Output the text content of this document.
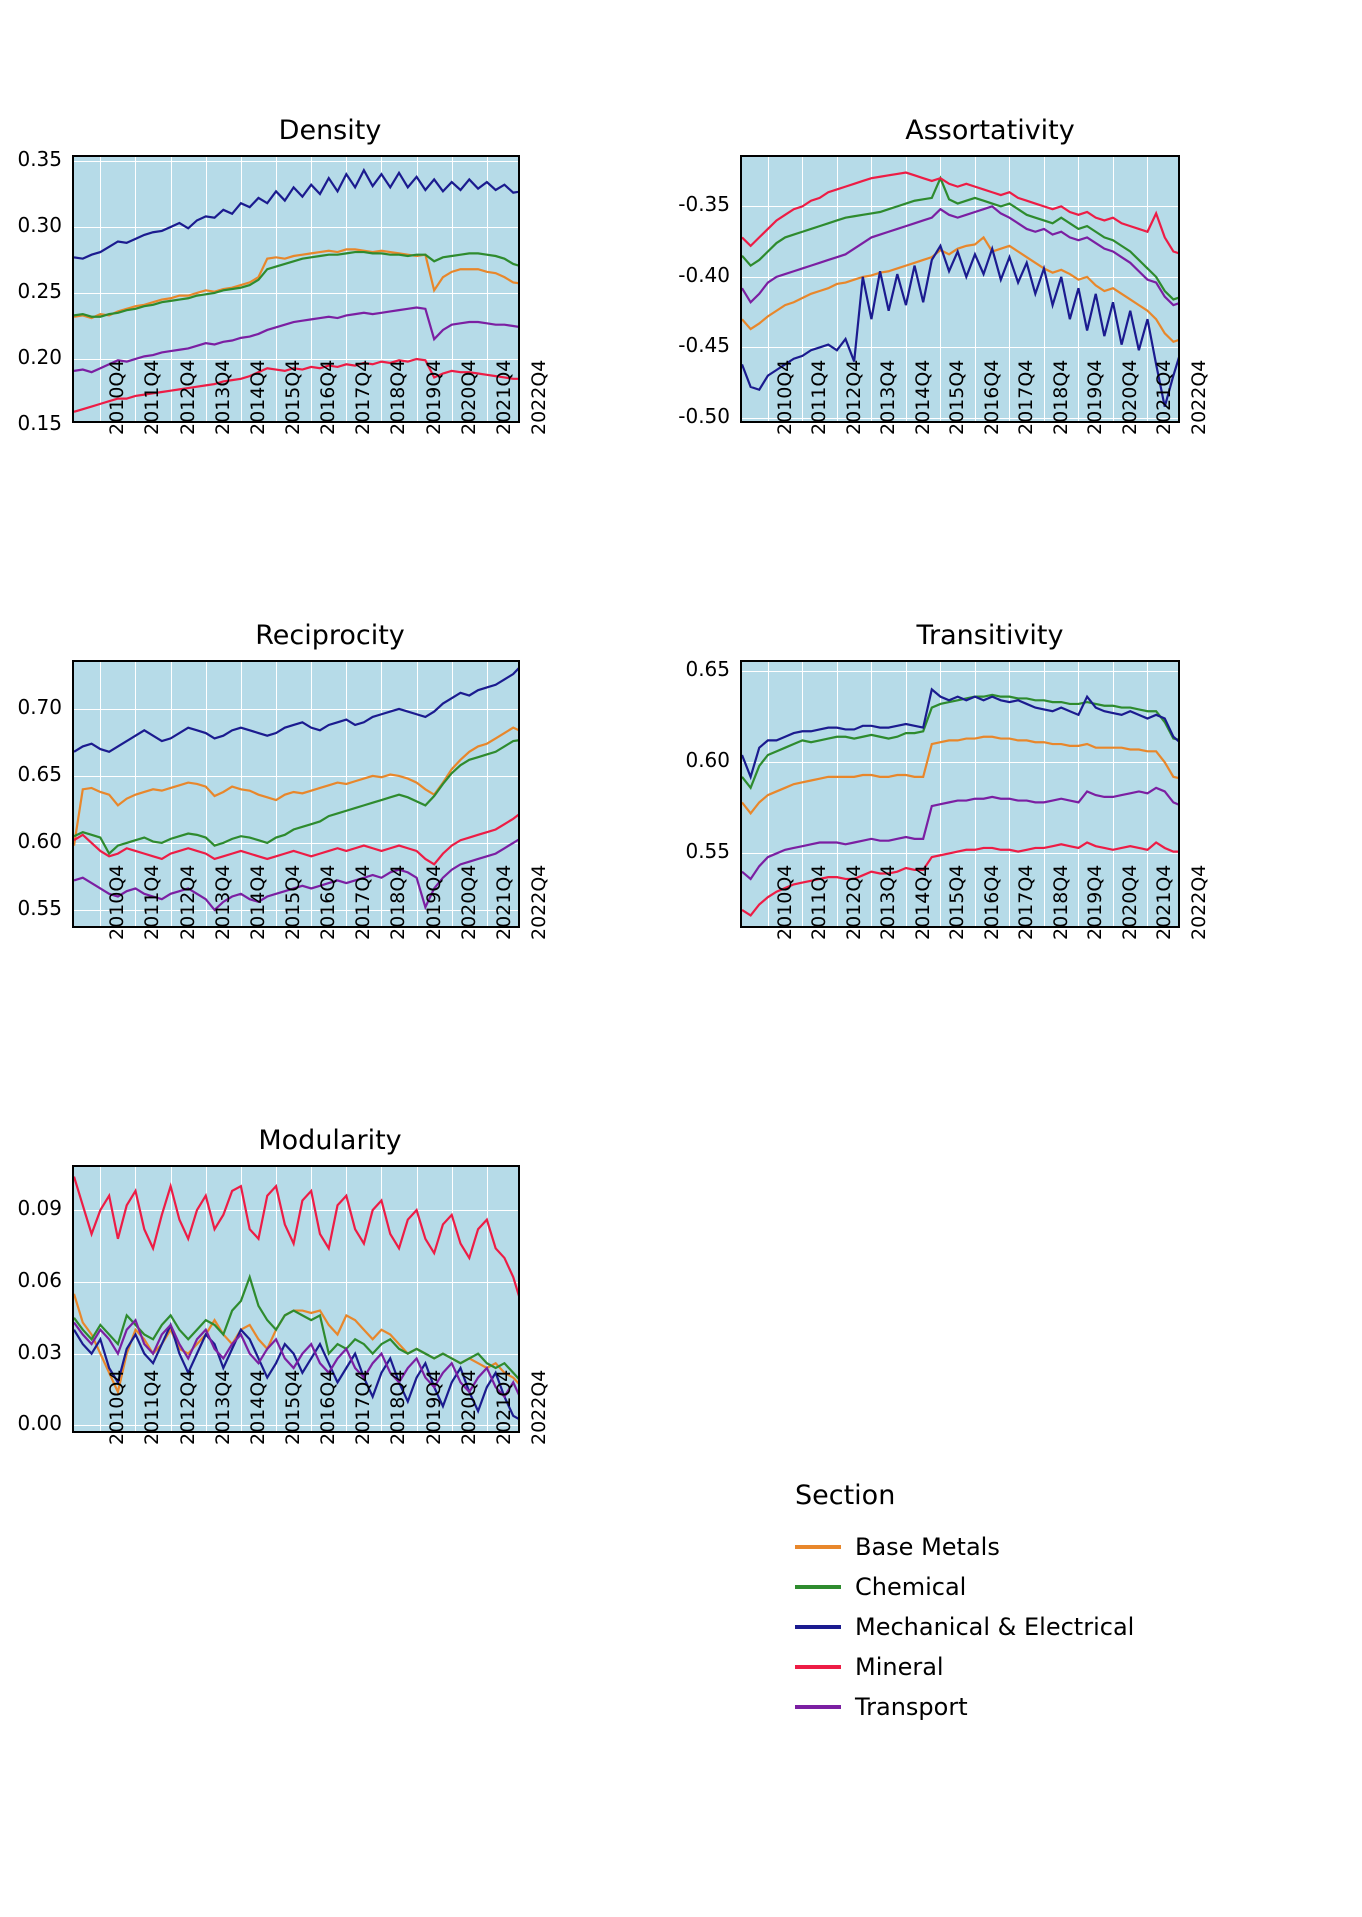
Density
0.15
0.20
0.25
0.30
0.35
2010Q4 2011Q4 2012Q4 2013Q4 2014Q4 2015Q4 2016Q4 2017Q4 2018Q4 2019Q4 2020Q4 2021Q4 2022Q4
Assortativity
-0.50
-0.45
-0.40
-0.35
2010Q4 2011Q4 2012Q4 2013Q4 2014Q4 2015Q4 2016Q4 2017Q4 2018Q4 2019Q4 2020Q4 2021Q4 2022Q4
Reciprocity
0.55
0.60
0.65
0.70
2010Q4 2011Q4 2012Q4 2013Q4 2014Q4 2015Q4 2016Q4 2017Q4 2018Q4 2019Q4 2020Q4 2021Q4 2022Q4
Transitivity
0.55
0.60
0.65
2010Q4 2011Q4 2012Q4 2013Q4 2014Q4 2015Q4 2016Q4 2017Q4 2018Q4 2019Q4 2020Q4 2021Q4 2022Q4
Modularity
0.00
0.03
0.06
0.09
2010Q4 2011Q4 2012Q4 2013Q4 2014Q4 2015Q4 2016Q4 2017Q4 2018Q4 2019Q4 2020Q4 2021Q4 2022Q4
Section
Base Metals
Chemical
Mechanical & Electrical
Mineral
Transport
